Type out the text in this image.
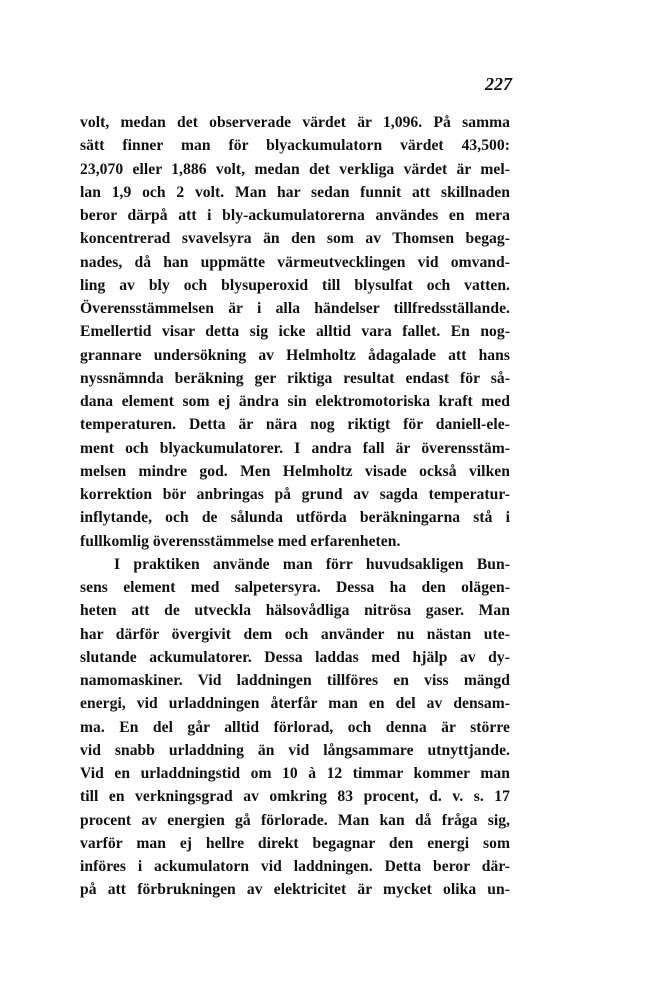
227
volt, medan det observerade värdet är 1,096. På samma
sätt finner man för blyackumulatorn värdet 43,500:
23,070 eller 1,886 volt, medan det verkliga värdet är mel-
lan 1,9 och 2 volt. Man har sedan funnit att skillnaden
beror därpå att i bly-ackumulatorerna användes en mera
koncentrerad svavelsyra än den som av Thomsen begag-
nades, då han uppmätte värmeutvecklingen vid omvand-
ling av bly och blysuperoxid till blysulfat och vatten.
Överensstämmelsen är i alla händelser tillfredsställande.
Emellertid visar detta sig icke alltid vara fallet. En nog-
grannare undersökning av Helmholtz ådagalade att hans
nyssnämnda beräkning ger riktiga resultat endast för så-
dana element som ej ändra sin elektromotoriska kraft med
temperaturen. Detta är nära nog riktigt för daniell-ele-
ment och blyackumulatorer. I andra fall är överensstäm-
melsen mindre god. Men Helmholtz visade också vilken
korrektion bör anbringas på grund av sagda temperatur-
inflytande, och de sålunda utförda beräkningarna stå i
fullkomlig överensstämmelse med erfarenheten.
I praktiken använde man förr huvudsakligen Bun-
sens element med salpetersyra. Dessa ha den olägen-
heten att de utveckla hälsovådliga nitrösa gaser. Man
har därför övergivit dem och använder nu nästan ute-
slutande ackumulatorer. Dessa laddas med hjälp av dy-
namomaskiner. Vid laddningen tillföres en viss mängd
energi, vid urladdningen återfår man en del av densam-
ma. En del går alltid förlorad, och denna är större
vid snabb urladdning än vid långsammare utnyttjande.
Vid en urladdningstid om 10 à 12 timmar kommer man
till en verkningsgrad av omkring 83 procent, d. v. s. 17
procent av energien gå förlorade. Man kan då fråga sig,
varför man ej hellre direkt begagnar den energi som
införes i ackumulatorn vid laddningen. Detta beror där-
på att förbrukningen av elektricitet är mycket olika un-
